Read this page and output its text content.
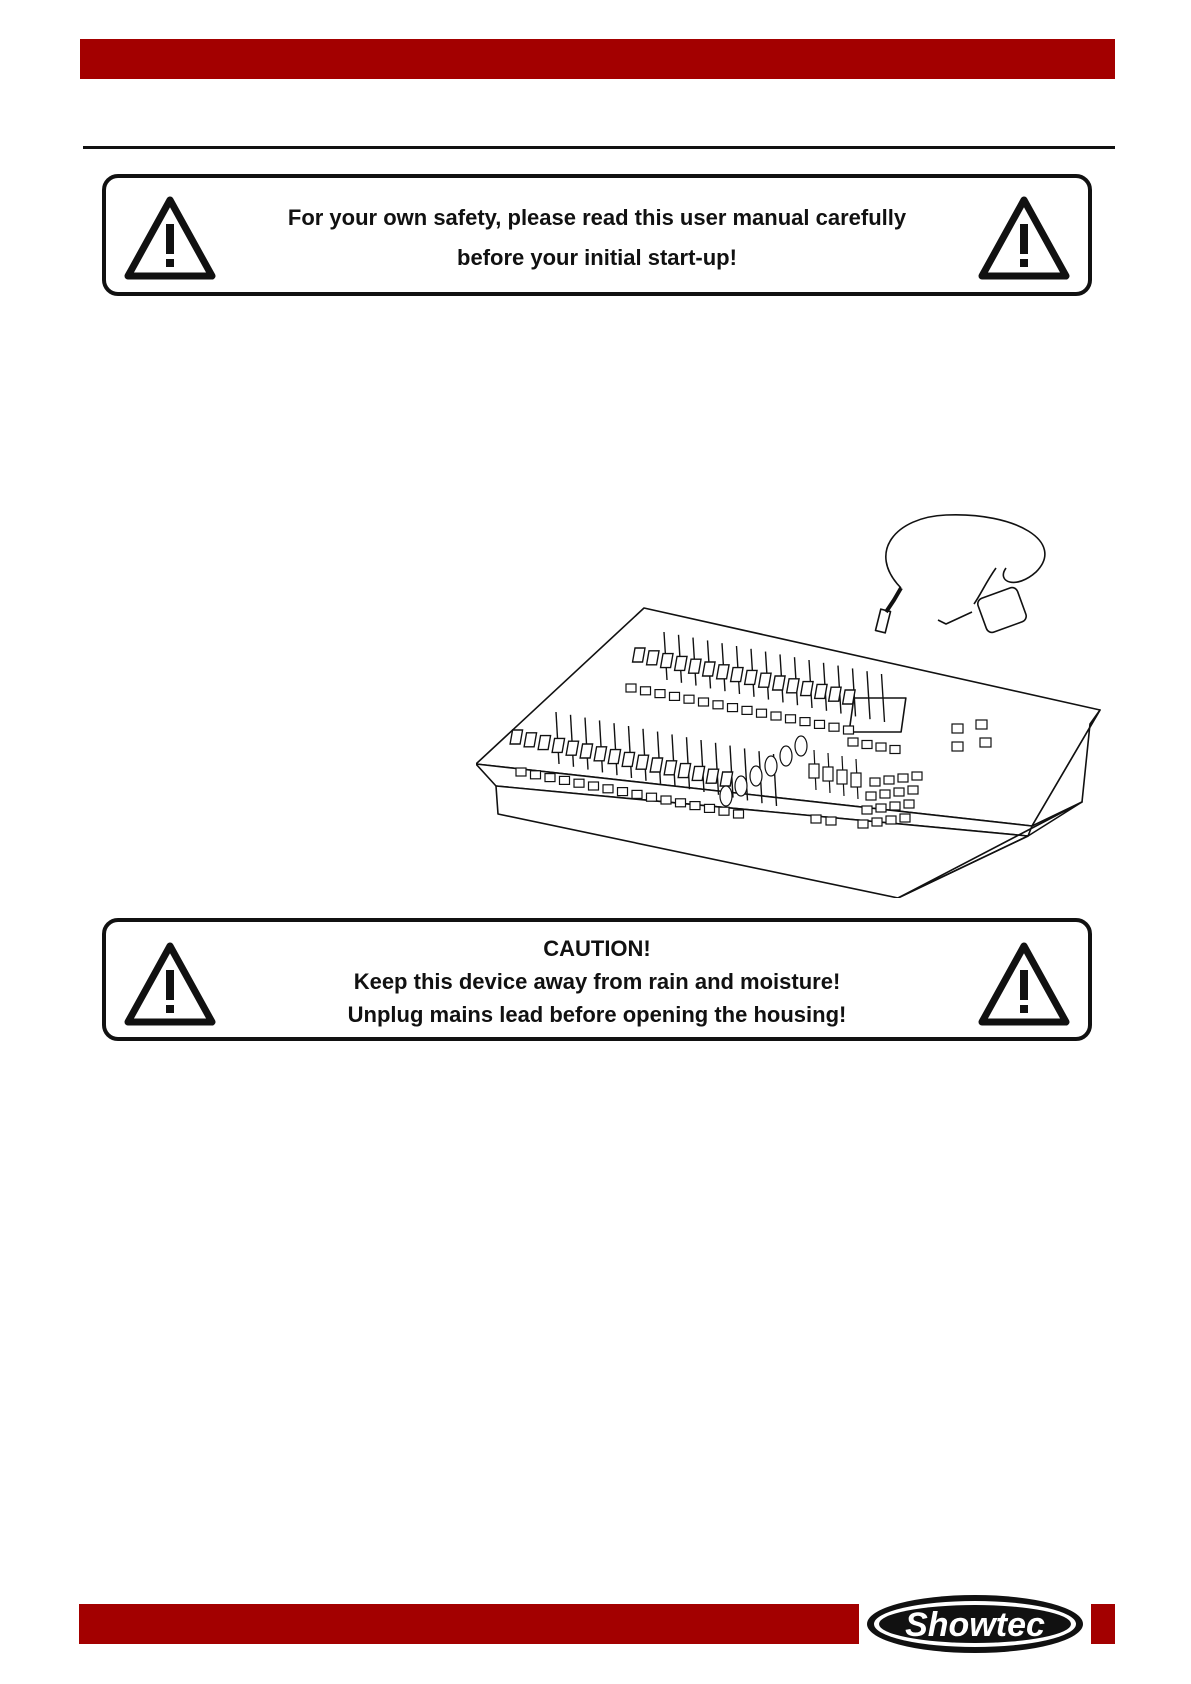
For your own safety, please read this user manual carefully
before your initial start-up!
CAUTION!
Keep this device away from rain and moisture!
Unplug mains lead before opening the housing!
Showtec
